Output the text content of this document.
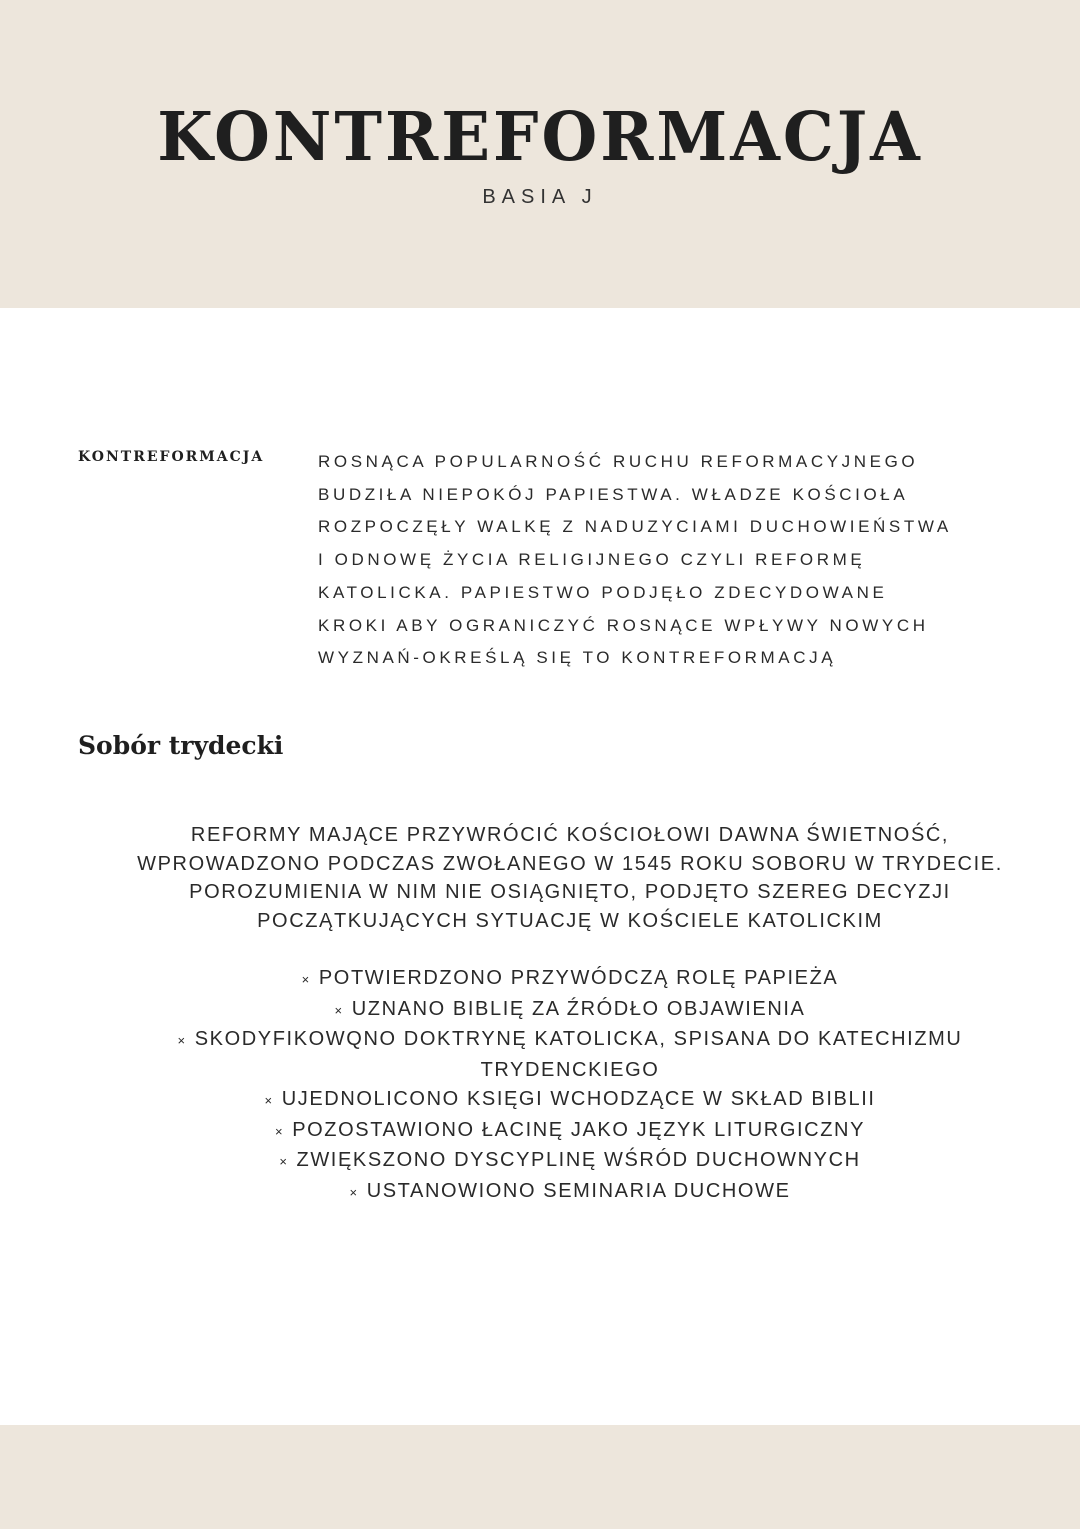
KONTREFORMACJA
BASIA J
KONTREFORMACJA	ROSNĄCA POPULARNOŚĆ RUCHU REFORMACYJNEGO
BUDZIŁA NIEPOKÓJ PAPIESTWA. WŁADZE KOŚCIOŁA
ROZPOCZĘŁY WALKĘ Z NADUZYCIAMI DUCHOWIEŃSTWA
I ODNOWĘ ŻYCIA RELIGIJNEGO CZYLI REFORMĘ
KATOLICKA. PAPIESTWO PODJĘŁO ZDECYDOWANE
KROKI ABY OGRANICZYĆ ROSNĄCE WPŁYWY NOWYCH
WYZNAŃ-OKREŚLĄ SIĘ TO KONTREFORMACJĄ
Sobór trydecki
REFORMY MAJĄCE PRZYWRÓCIĆ KOŚCIOŁOWI DAWNA ŚWIETNOŚĆ,
WPROWADZONO PODCZAS ZWOŁANEGO W 1545 ROKU SOBORU W TRYDECIE.
POROZUMIENIA W NIM NIE OSIĄGNIĘTO, PODJĘTO SZEREG DECYZJI
POCZĄTKUJĄCYCH SYTUACJĘ W KOŚCIELE KATOLICKIM
× POTWIERDZONO PRZYWÓDCZĄ ROLĘ PAPIEŻA
× UZNANO BIBLIĘ ZA ŹRÓDŁO OBJAWIENIA
× SKODYFIKOWQNO DOKTRYNĘ KATOLICKA, SPISANA DO KATECHIZMU
TRYDENCKIEGO
× UJEDNOLICONO KSIĘGI WCHODZĄCE W SKŁAD BIBLII
× POZOSTAWIONO ŁACINĘ JAKO JĘZYK LITURGICZNY
× ZWIĘKSZONO DYSCYPLINĘ WŚRÓD DUCHOWNYCH
× USTANOWIONO SEMINARIA DUCHOWE
